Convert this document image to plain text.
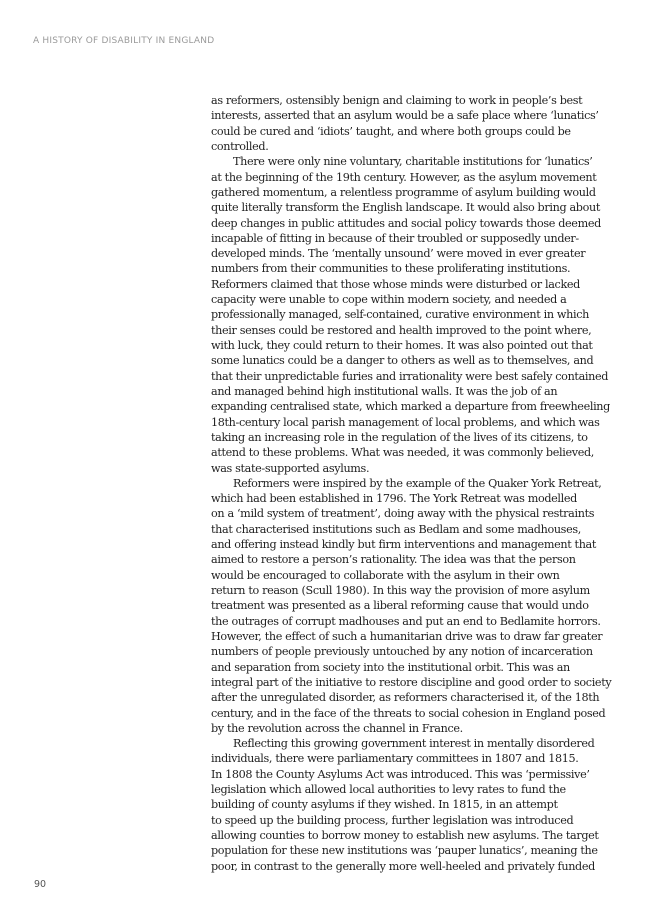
A HISTORY OF DISABILITY IN ENGLAND
as reformers, ostensibly benign and claiming to work in people’s best
interests, asserted that an asylum would be a safe place where ‘lunatics’
could be cured and ‘idiots’ taught, and where both groups could be
controlled.
There were only nine voluntary, charitable institutions for ‘lunatics’
at the beginning of the 19th century. However, as the asylum movement
gathered momentum, a relentless programme of asylum building would
quite literally transform the English landscape. It would also bring about
deep changes in public attitudes and social policy towards those deemed
incapable of fitting in because of their troubled or supposedly under-
developed minds. The ‘mentally unsound’ were moved in ever greater
numbers from their communities to these proliferating institutions.
Reformers claimed that those whose minds were disturbed or lacked
capacity were unable to cope within modern society, and needed a
professionally managed, self-contained, curative environment in which
their senses could be restored and health improved to the point where,
with luck, they could return to their homes. It was also pointed out that
some lunatics could be a danger to others as well as to themselves, and
that their unpredictable furies and irrationality were best safely contained
and managed behind high institutional walls. It was the job of an
expanding centralised state, which marked a departure from freewheeling
18th-century local parish management of local problems, and which was
taking an increasing role in the regulation of the lives of its citizens, to
attend to these problems. What was needed, it was commonly believed,
was state-supported asylums.
Reformers were inspired by the example of the Quaker York Retreat,
which had been established in 1796. The York Retreat was modelled
on a ‘mild system of treatment’, doing away with the physical restraints
that characterised institutions such as Bedlam and some madhouses,
and offering instead kindly but firm interventions and management that
aimed to restore a person’s rationality. The idea was that the person
would be encouraged to collaborate with the asylum in their own
return to reason (Scull 1980). In this way the provision of more asylum
treatment was presented as a liberal reforming cause that would undo
the outrages of corrupt madhouses and put an end to Bedlamite horrors.
However, the effect of such a humanitarian drive was to draw far greater
numbers of people previously untouched by any notion of incarceration
and separation from society into the institutional orbit. This was an
integral part of the initiative to restore discipline and good order to society
after the unregulated disorder, as reformers characterised it, of the 18th
century, and in the face of the threats to social cohesion in England posed
by the revolution across the channel in France.
Reflecting this growing government interest in mentally disordered
individuals, there were parliamentary committees in 1807 and 1815.
In 1808 the County Asylums Act was introduced. This was ‘permissive’
legislation which allowed local authorities to levy rates to fund the
building of county asylums if they wished. In 1815, in an attempt
to speed up the building process, further legislation was introduced
allowing counties to borrow money to establish new asylums. The target
population for these new institutions was ‘pauper lunatics’, meaning the
poor, in contrast to the generally more well-heeled and privately funded
90
